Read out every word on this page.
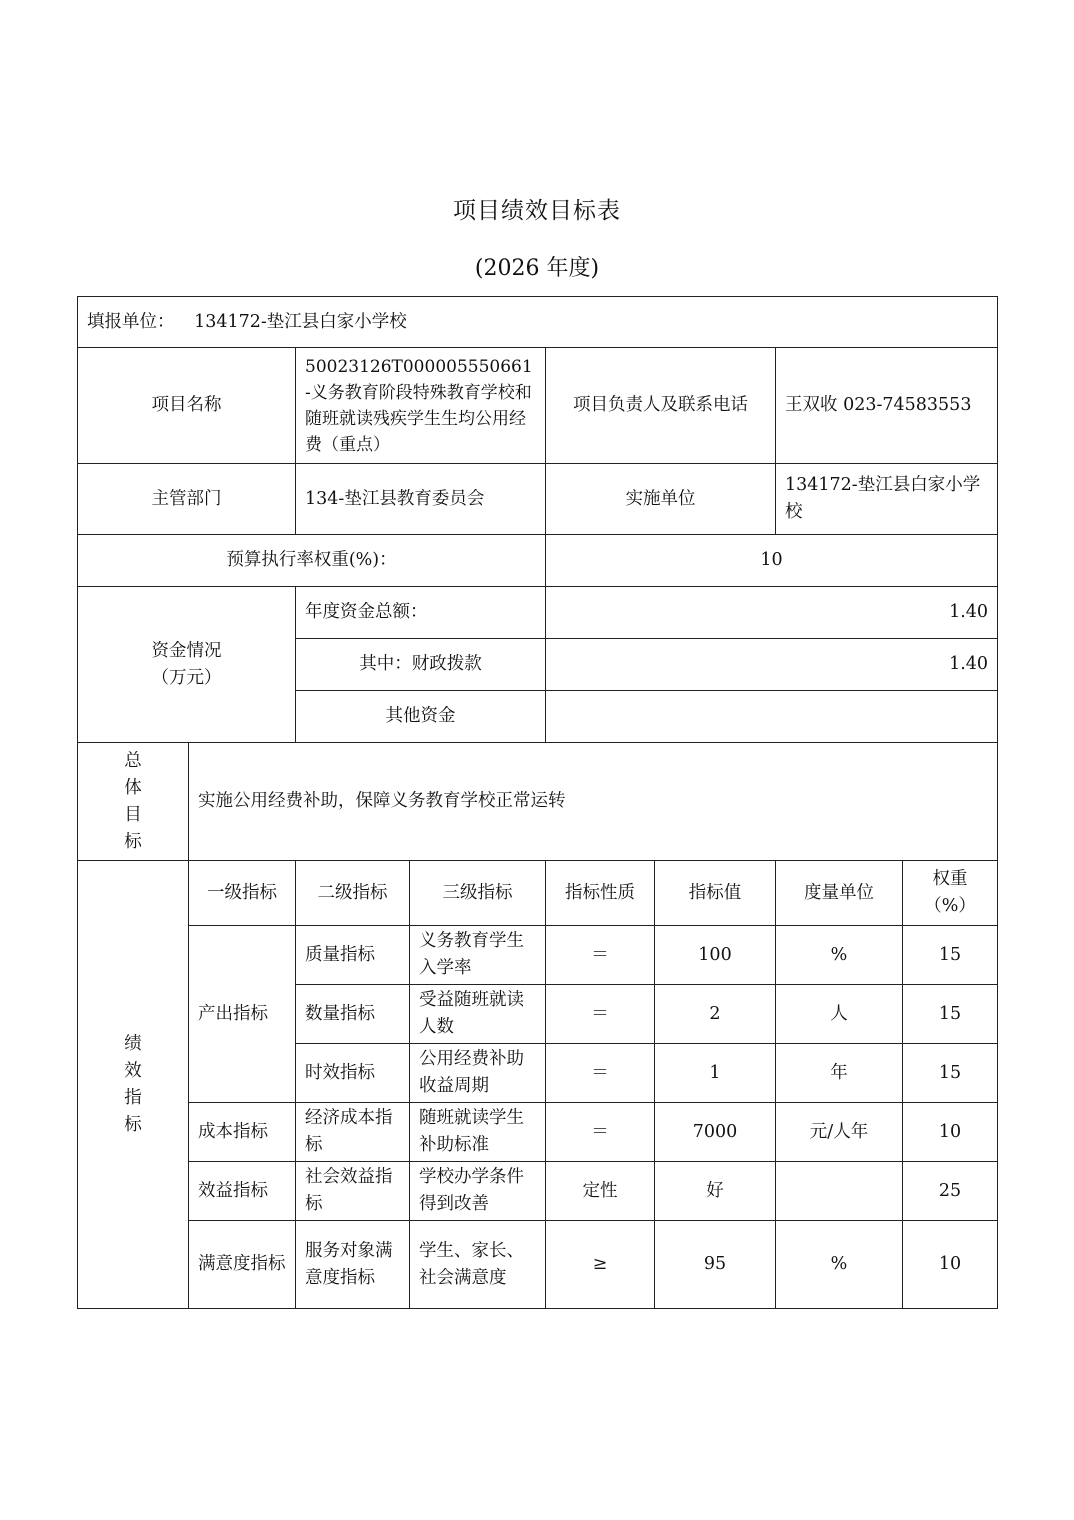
项目绩效目标表
(2026 年度)
填报单位： 134172-垫江县白家小学校							
项目名称		50023126T000005550661-义务教育阶段特殊教育学校和随班就读残疾学生生均公用经费（重点）		项目负责人及联系电话		王双收 023-74583553	
主管部门		134-垫江县教育委员会		实施单位		134172-垫江县白家小学校	
预算执行率权重(%)：				10			

资金情况
（万元）		年度资金总额：		1.40			
		其中：财政拨款		1.40			
		其他资金					

总
体
目
标	实施公用经费补助，保障义务教育学校正常运转						

绩
效
指
标	一级指标	二级指标	三级指标	指标性质	指标值	度量单位	权重（%）
	产出指标	质量指标	义务教育学生入学率	＝	100	%	15
		数量指标	受益随班就读人数	＝	2	人	15
		时效指标	公用经费补助收益周期	＝	1	年	15
	成本指标	经济成本指标	随班就读学生补助标准	＝	7000	元/人年	10
	效益指标	社会效益指标	学校办学条件得到改善	定性	好		25
	满意度指标	服务对象满意度指标	学生、家长、社会满意度	≥	95	%	10
